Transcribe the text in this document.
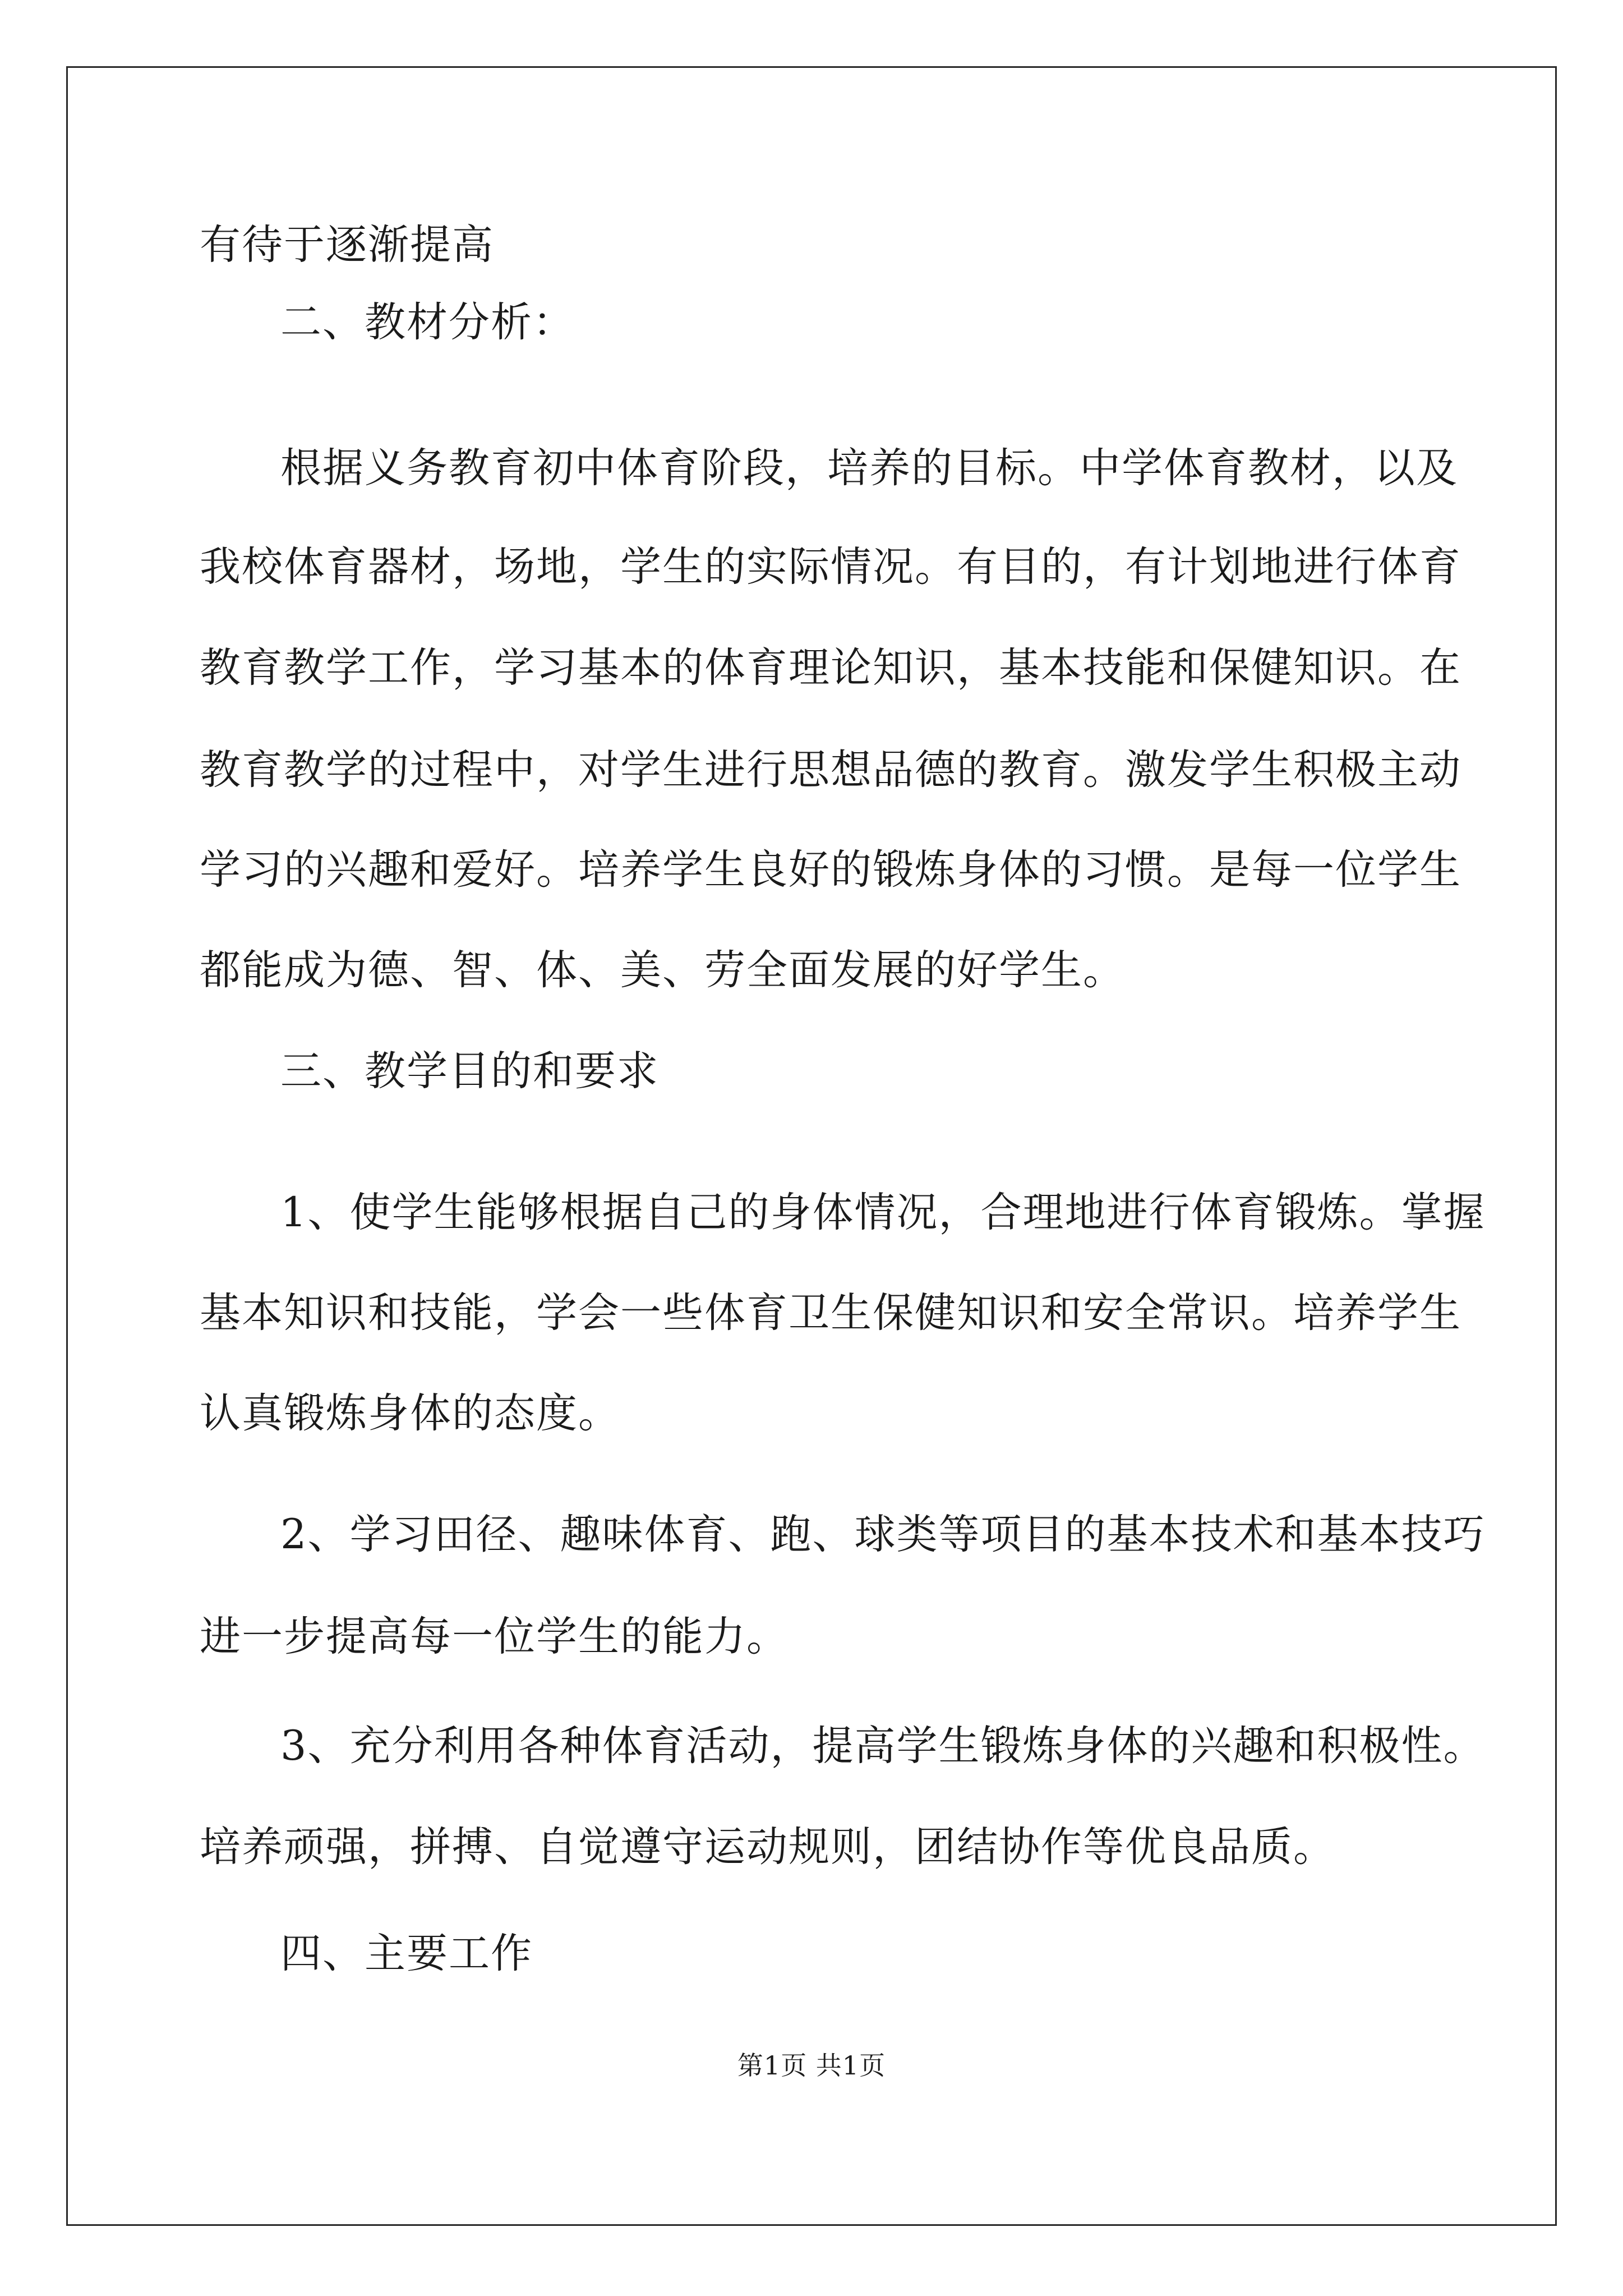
有待于逐渐提高
二、教材分析：
根据义务教育初中体育阶段，培养的目标。中学体育教材，以及
我校体育器材，场地，学生的实际情况。有目的，有计划地进行体育
教育教学工作，学习基本的体育理论知识，基本技能和保健知识。在
教育教学的过程中，对学生进行思想品德的教育。激发学生积极主动
学习的兴趣和爱好。培养学生良好的锻炼身体的习惯。是每一位学生
都能成为德、智、体、美、劳全面发展的好学生。
三、教学目的和要求
1、使学生能够根据自己的身体情况，合理地进行体育锻炼。掌握
基本知识和技能，学会一些体育卫生保健知识和安全常识。培养学生
认真锻炼身体的态度。
2、学习田径、趣味体育、跑、球类等项目的基本技术和基本技巧
进一步提高每一位学生的能力。
3、充分利用各种体育活动，提高学生锻炼身体的兴趣和积极性。
培养顽强，拼搏、自觉遵守运动规则，团结协作等优良品质。
四、主要工作
第1页 共1页
